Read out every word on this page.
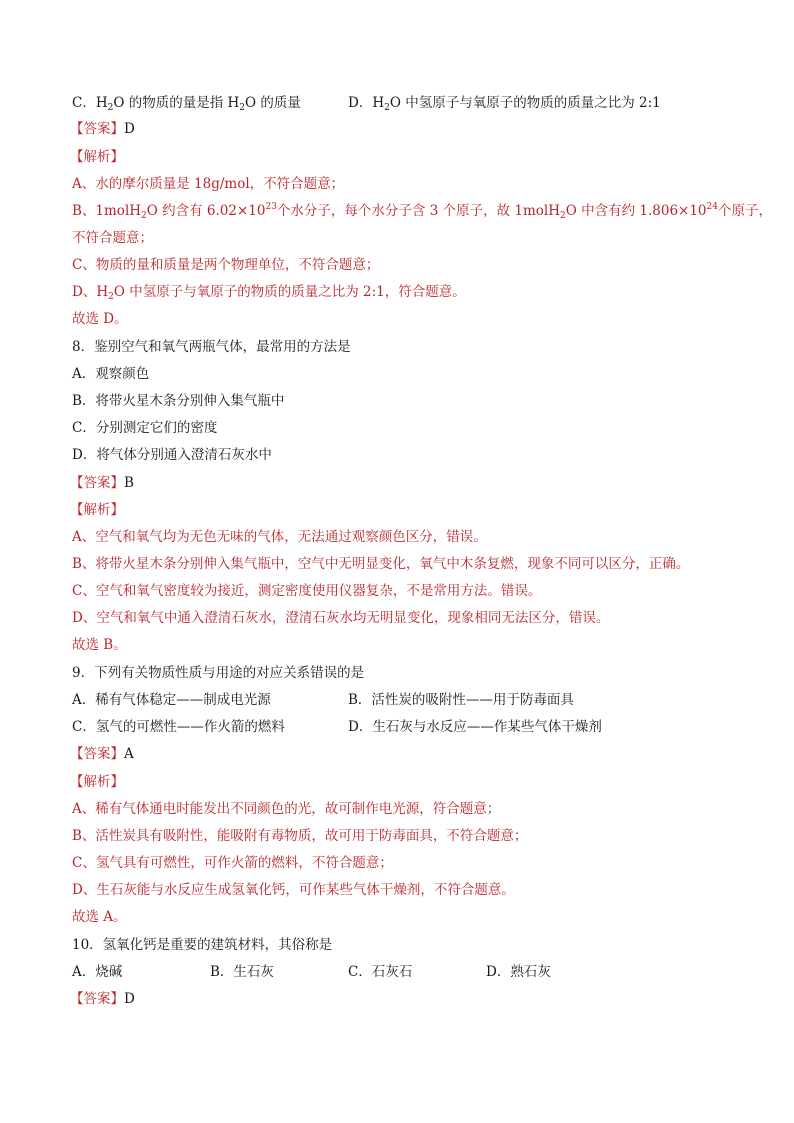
C．$H_2O$ 的物质的量是指 $H_2O$ 的质量	D．$H_2O$ 中氢原子与氧原子的物质的质量之比为 2:1
【答案】D
【解析】
A、水的摩尔质量是 18g/mol，不符合题意；
B、1molH$_2$O 约含有 $6.02\times 10^{23}$个水分子，每个水分子含 3 个原子，故 1molH$_2$O 中含有约 $1.806\times 10^{24}$个原子，
不符合题意；
C、物质的量和质量是两个物理单位，不符合题意；
D、$H_2O$ 中氢原子与氧原子的物质的质量之比为 2:1，符合题意。
故选 D。
8．鉴别空气和氧气两瓶气体，最常用的方法是
A．观察颜色
B．将带火星木条分别伸入集气瓶中
C．分别测定它们的密度
D．将气体分别通入澄清石灰水中
【答案】B
【解析】
A、空气和氧气均为无色无味的气体，无法通过观察颜色区分，错误。
B、将带火星木条分别伸入集气瓶中，空气中无明显变化，氧气中木条复燃，现象不同可以区分，正确。
C、空气和氧气密度较为接近，测定密度使用仪器复杂，不是常用方法。错误。
D、空气和氧气中通入澄清石灰水，澄清石灰水均无明显变化，现象相同无法区分，错误。
故选 B。
9．下列有关物质性质与用途的对应关系错误的是
A．稀有气体稳定——制成电光源	B．活性炭的吸附性——用于防毒面具
C．氢气的可燃性——作火箭的燃料	D．生石灰与水反应——作某些气体干燥剂
【答案】A
【解析】
A、稀有气体通电时能发出不同颜色的光，故可制作电光源，符合题意；
B、活性炭具有吸附性，能吸附有毒物质，故可用于防毒面具，不符合题意；
C、氢气具有可燃性，可作火箭的燃料，不符合题意；
D、生石灰能与水反应生成氢氧化钙，可作某些气体干燥剂，不符合题意。
故选 A。
10．氢氧化钙是重要的建筑材料，其俗称是
A．烧碱	B．生石灰	C．石灰石	D．熟石灰
【答案】D
